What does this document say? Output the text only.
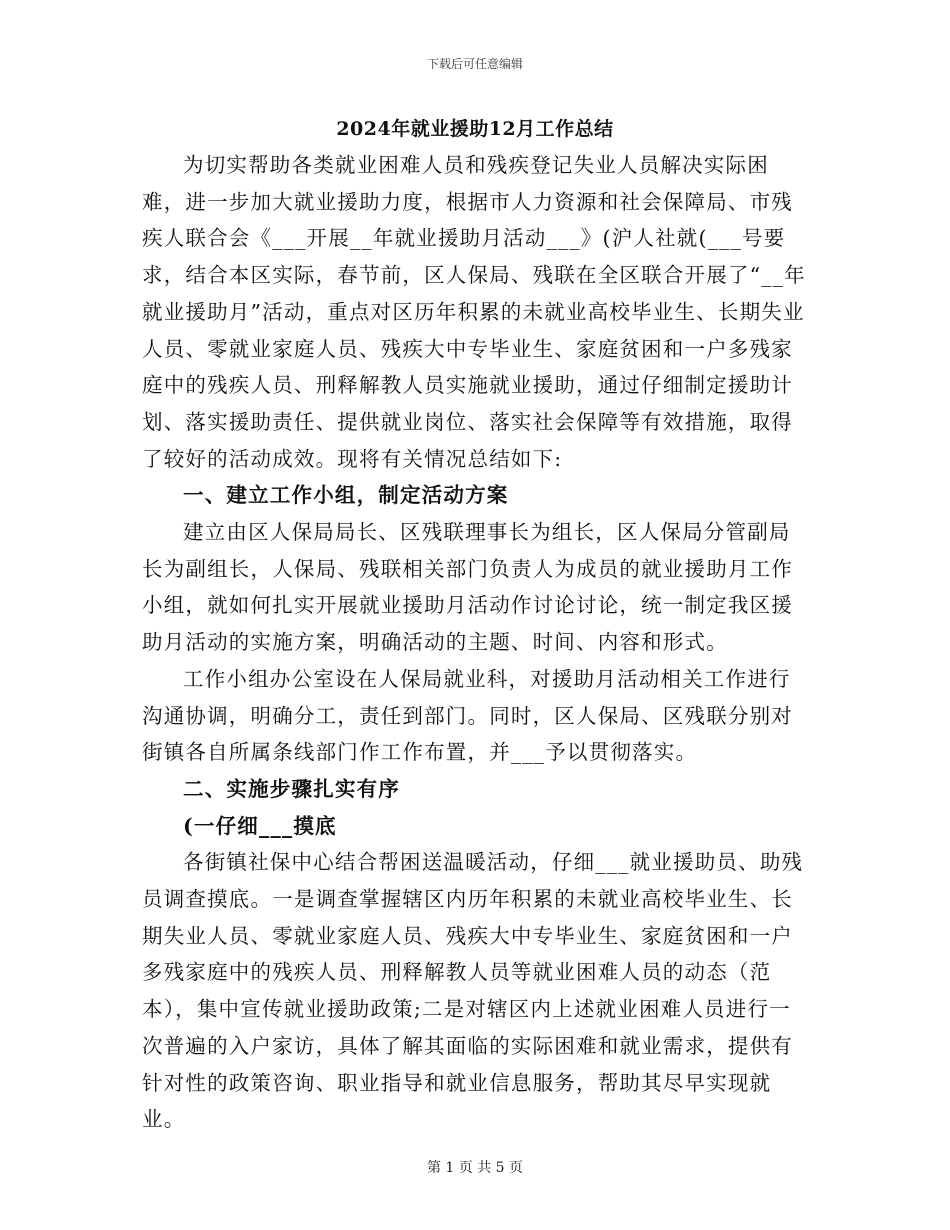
下载后可任意编辑
2024年就业援助12月工作总结

为切实帮助各类就业困难人员和残疾登记失业人员解决实际困难，进一步加大就业援助力度，根据市人力资源和社会保障局、市残疾人联合会《___开展__年就业援助月活动___》(沪人社就(___号要求，结合本区实际，春节前，区人保局、残联在全区联合开展了“__年就业援助月”活动，重点对区历年积累的未就业高校毕业生、长期失业人员、零就业家庭人员、残疾大中专毕业生、家庭贫困和一户多残家庭中的残疾人员、刑释解教人员实施就业援助，通过仔细制定援助计划、落实援助责任、提供就业岗位、落实社会保障等有效措施，取得了较好的活动成效。现将有关情况总结如下:

一、建立工作小组，制定活动方案

建立由区人保局局长、区残联理事长为组长，区人保局分管副局长为副组长，人保局、残联相关部门负责人为成员的就业援助月工作小组，就如何扎实开展就业援助月活动作讨论讨论，统一制定我区援助月活动的实施方案，明确活动的主题、时间、内容和形式。

工作小组办公室设在人保局就业科，对援助月活动相关工作进行沟通协调，明确分工，责任到部门。同时，区人保局、区残联分别对街镇各自所属条线部门作工作布置，并___予以贯彻落实。

二、实施步骤扎实有序

(一仔细___摸底

各街镇社保中心结合帮困送温暖活动，仔细___就业援助员、助残员调查摸底。一是调查掌握辖区内历年积累的未就业高校毕业生、长期失业人员、零就业家庭人员、残疾大中专毕业生、家庭贫困和一户多残家庭中的残疾人员、刑释解教人员等就业困难人员的动态（范本），集中宣传就业援助政策;二是对辖区内上述就业困难人员进行一次普遍的入户家访，具体了解其面临的实际困难和就业需求，提供有针对性的政策咨询、职业指导和就业信息服务，帮助其尽早实现就业。

第 1 页 共 5 页
